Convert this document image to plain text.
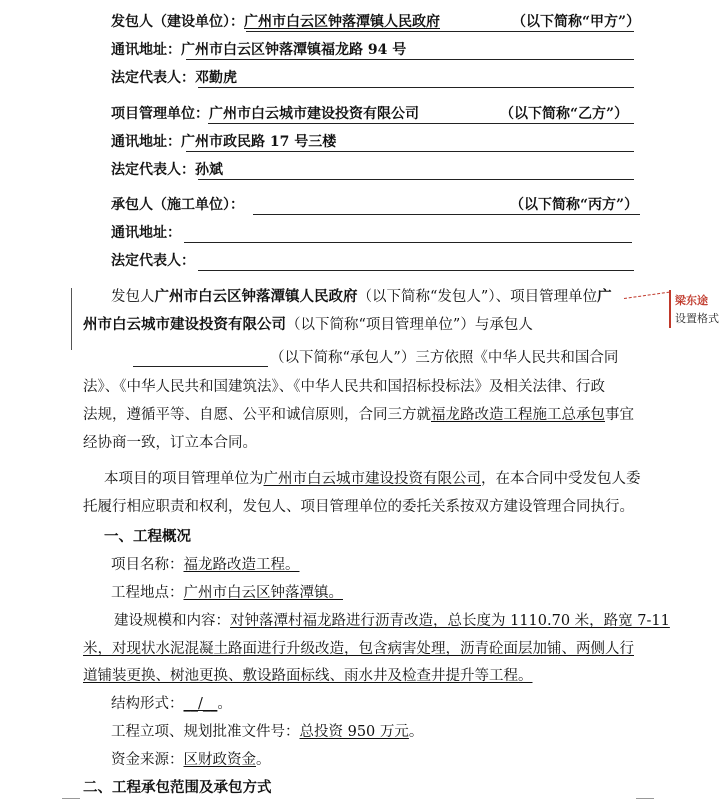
发包人（建设单位）：广州市白云区钟落潭镇人民政府	（以下简称“甲方”）
通讯地址：广州市白云区钟落潭镇福龙路 94 号
法定代表人：邓勤虎
项目管理单位：广州市白云城市建设投资有限公司	（以下简称“乙方”）
通讯地址：广州市政民路 17 号三楼
法定代表人：孙斌
承包人（施工单位）：	（以下简称“丙方”）
通讯地址：
法定代表人：
梁东途
设置格式
发包人广州市白云区钟落潭镇人民政府（以下简称“发包人”）、项目管理单位广
州市白云城市建设投资有限公司（以下简称“项目管理单位”）与承包人
（以下简称“承包人”）三方依照《中华人民共和国合同
法》、《中华人民共和国建筑法》、《中华人民共和国招标投标法》及相关法律、行政
法规，遵循平等、自愿、公平和诚信原则，合同三方就福龙路改造工程施工总承包事宜
经协商一致，订立本合同。
本项目的项目管理单位为广州市白云城市建设投资有限公司，在本合同中受发包人委
托履行相应职责和权利，发包人、项目管理单位的委托关系按双方建设管理合同执行。
一、工程概况
项目名称：福龙路改造工程。
工程地点：广州市白云区钟落潭镇。
建设规模和内容：对钟落潭村福龙路进行沥青改造，总长度为 1110.70 米，路宽 7-11
米，对现状水泥混凝土路面进行升级改造，包含病害处理，沥青砼面层加铺、两侧人行
道铺装更换、树池更换、敷设路面标线、雨水井及检查井提升等工程。
结构形式：__/__。
工程立项、规划批准文件号：总投资 950 万元。
资金来源：区财政资金。
二、工程承包范围及承包方式
